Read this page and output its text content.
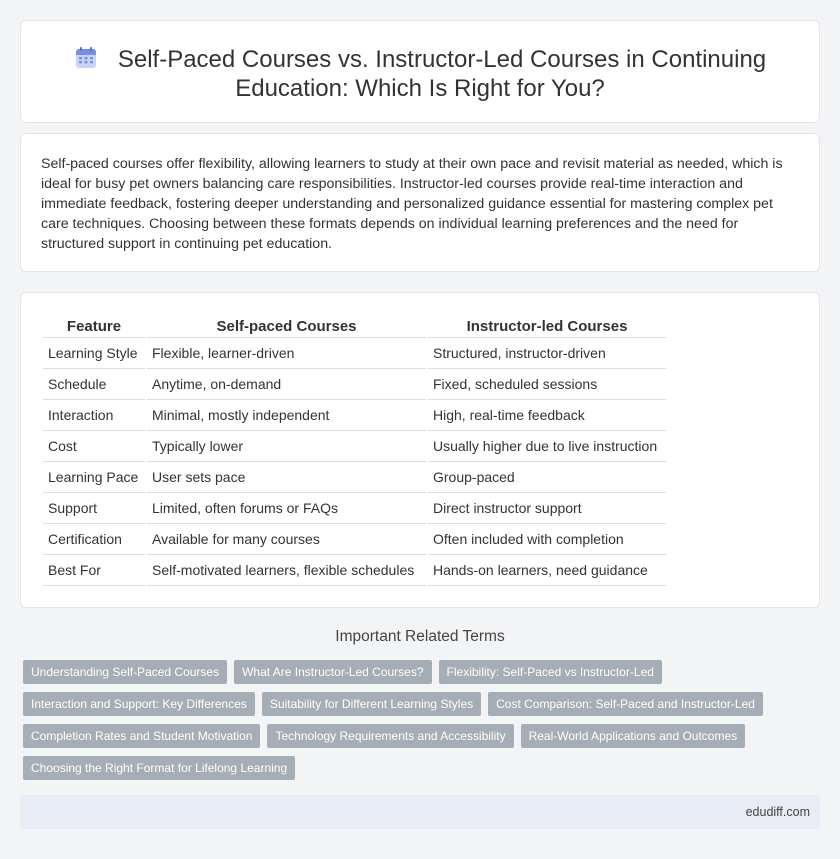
Self-Paced Courses vs. Instructor-Led Courses in Continuing Education: Which Is Right for You?

Self-paced courses offer flexibility, allowing learners to study at their own pace and revisit material as needed, which is ideal for busy pet owners balancing care responsibilities. Instructor-led courses provide real-time interaction and immediate feedback, fostering deeper understanding and personalized guidance essential for mastering complex pet care techniques. Choosing between these formats depends on individual learning preferences and the need for structured support in continuing pet education.

Feature	Self-paced Courses	Instructor-led Courses
Learning Style	Flexible, learner-driven	Structured, instructor-driven
Schedule	Anytime, on-demand	Fixed, scheduled sessions
Interaction	Minimal, mostly independent	High, real-time feedback
Cost	Typically lower	Usually higher due to live instruction
Learning Pace	User sets pace	Group-paced
Support	Limited, often forums or FAQs	Direct instructor support
Certification	Available for many courses	Often included with completion
Best For	Self-motivated learners, flexible schedules	Hands-on learners, need guidance
Important Related Terms
Understanding Self-Paced Courses	What Are Instructor-Led Courses?	Flexibility: Self-Paced vs Instructor-Led
Interaction and Support: Key Differences	Suitability for Different Learning Styles	Cost Comparison: Self-Paced and Instructor-Led
Completion Rates and Student Motivation	Technology Requirements and Accessibility	Real-World Applications and Outcomes
Choosing the Right Format for Lifelong Learning
edudiff.com
